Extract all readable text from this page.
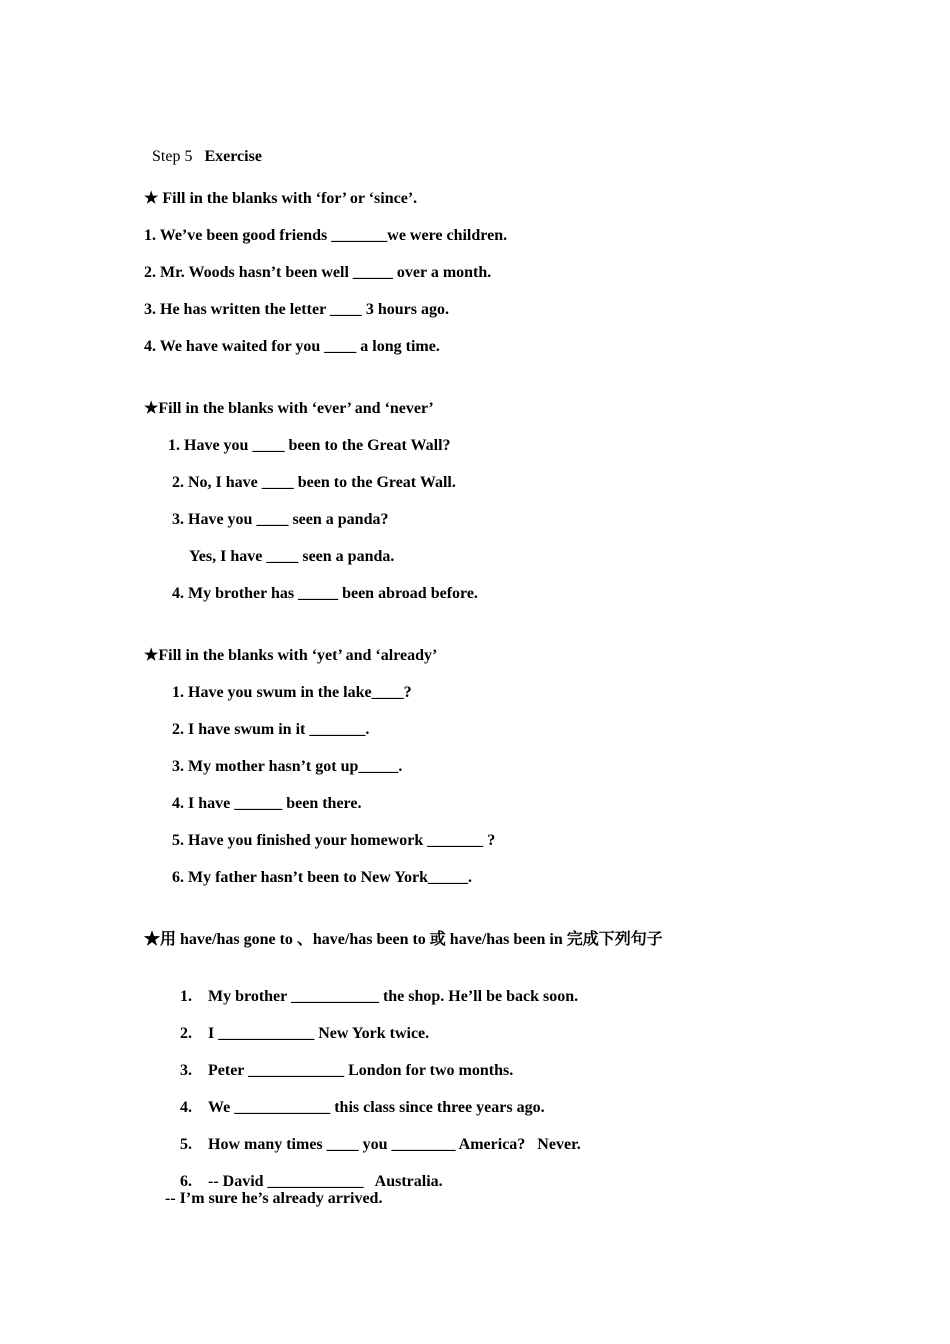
Step 5 Exercise

★ Fill in the blanks with ‘for’ or ‘since’.
1. We’ve been good friends _______we were children.
2. Mr. Woods hasn’t been well _____ over a month.
3. He has written the letter ____ 3 hours ago.
4. We have waited for you ____ a long time.
★Fill in the blanks with ‘ever’ and ‘never’
1. Have you ____ been to the Great Wall?
2. No, I have ____ been to the Great Wall.
3. Have you ____ seen a panda?
Yes, I have ____ seen a panda.
4. My brother has _____ been abroad before.
★Fill in the blanks with ‘yet’ and ‘already’
1. Have you swum in the lake____?
2. I have swum in it _______.
3. My mother hasn’t got up_____.
4. I have ______ been there.
5. Have you finished your homework _______ ?
6. My father hasn’t been to New York_____.
★用 have/has gone to 、have/has been to 或 have/has been in 完成下列句子

1. My brother ___________ the shop. He’ll be back soon.

2. I ____________ New York twice.

3. Peter ____________ London for two months.

4. We ____________ this class since three years ago.

5. How many times ____ you ________ America?   Never.

6. -- David ____________   Australia.

-- I’m sure he’s already arrived.
